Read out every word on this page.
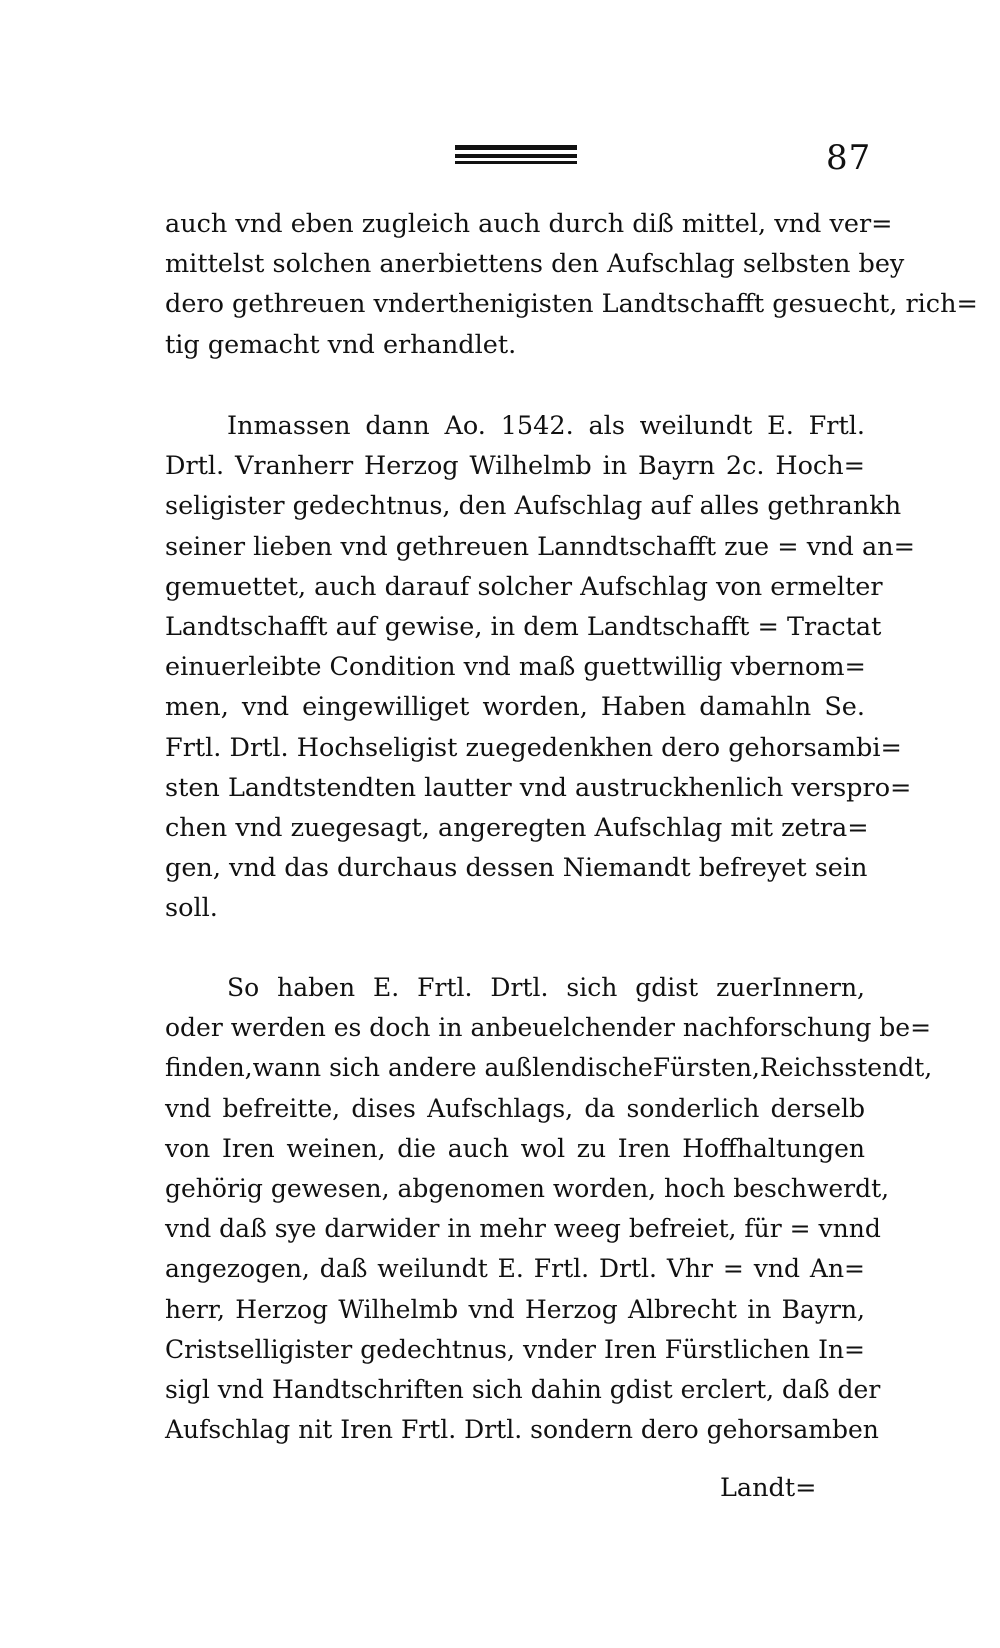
87

auch vnd eben zugleich auch durch diß mittel, vnd ver=
mittelst solchen anerbiettens den Aufschlag selbsten bey
dero gethreuen vnderthenigisten Landtschafft gesuecht, rich=
tig gemacht vnd erhandlet.

Inmassen dann Ao. 1542. als weilundt E. Frtl.
Drtl. Vranherr Herzog Wilhelmb in Bayrn 2c. Hoch=
seligister gedechtnus, den Aufschlag auf alles gethrankh
seiner lieben vnd gethreuen Lanndtschafft zue = vnd an=
gemuettet, auch darauf solcher Aufschlag von ermelter
Landtschafft auf gewise, in dem Landtschafft = Tractat
einuerleibte Condition vnd maß guettwillig vbernom=
men, vnd eingewilliget worden, Haben damahln Se.
Frtl. Drtl. Hochseligist zuegedenkhen dero gehorsambi=
sten Landtstendten lautter vnd austruckhenlich verspro=
chen vnd zuegesagt, angeregten Aufschlag mit zetra=
gen, vnd das durchaus dessen Niemandt befreyet sein
soll.

So haben E. Frtl. Drtl. sich gdist zuerInnern,
oder werden es doch in anbeuelchender nachforschung be=
finden,wann sich andere außlendischeFürsten,Reichsstendt,
vnd befreitte, dises Aufschlags, da sonderlich derselb
von Iren weinen, die auch wol zu Iren Hoffhaltungen
gehörig gewesen, abgenomen worden, hoch beschwerdt,
vnd daß sye darwider in mehr weeg befreiet, für = vnnd
angezogen, daß weilundt E. Frtl. Drtl. Vhr = vnd An=
herr, Herzog Wilhelmb vnd Herzog Albrecht in Bayrn,
Cristselligister gedechtnus, vnder Iren Fürstlichen In=
sigl vnd Handtschriften sich dahin gdist erclert, daß der
Aufschlag nit Iren Frtl. Drtl. sondern dero gehorsamben

Landt=
